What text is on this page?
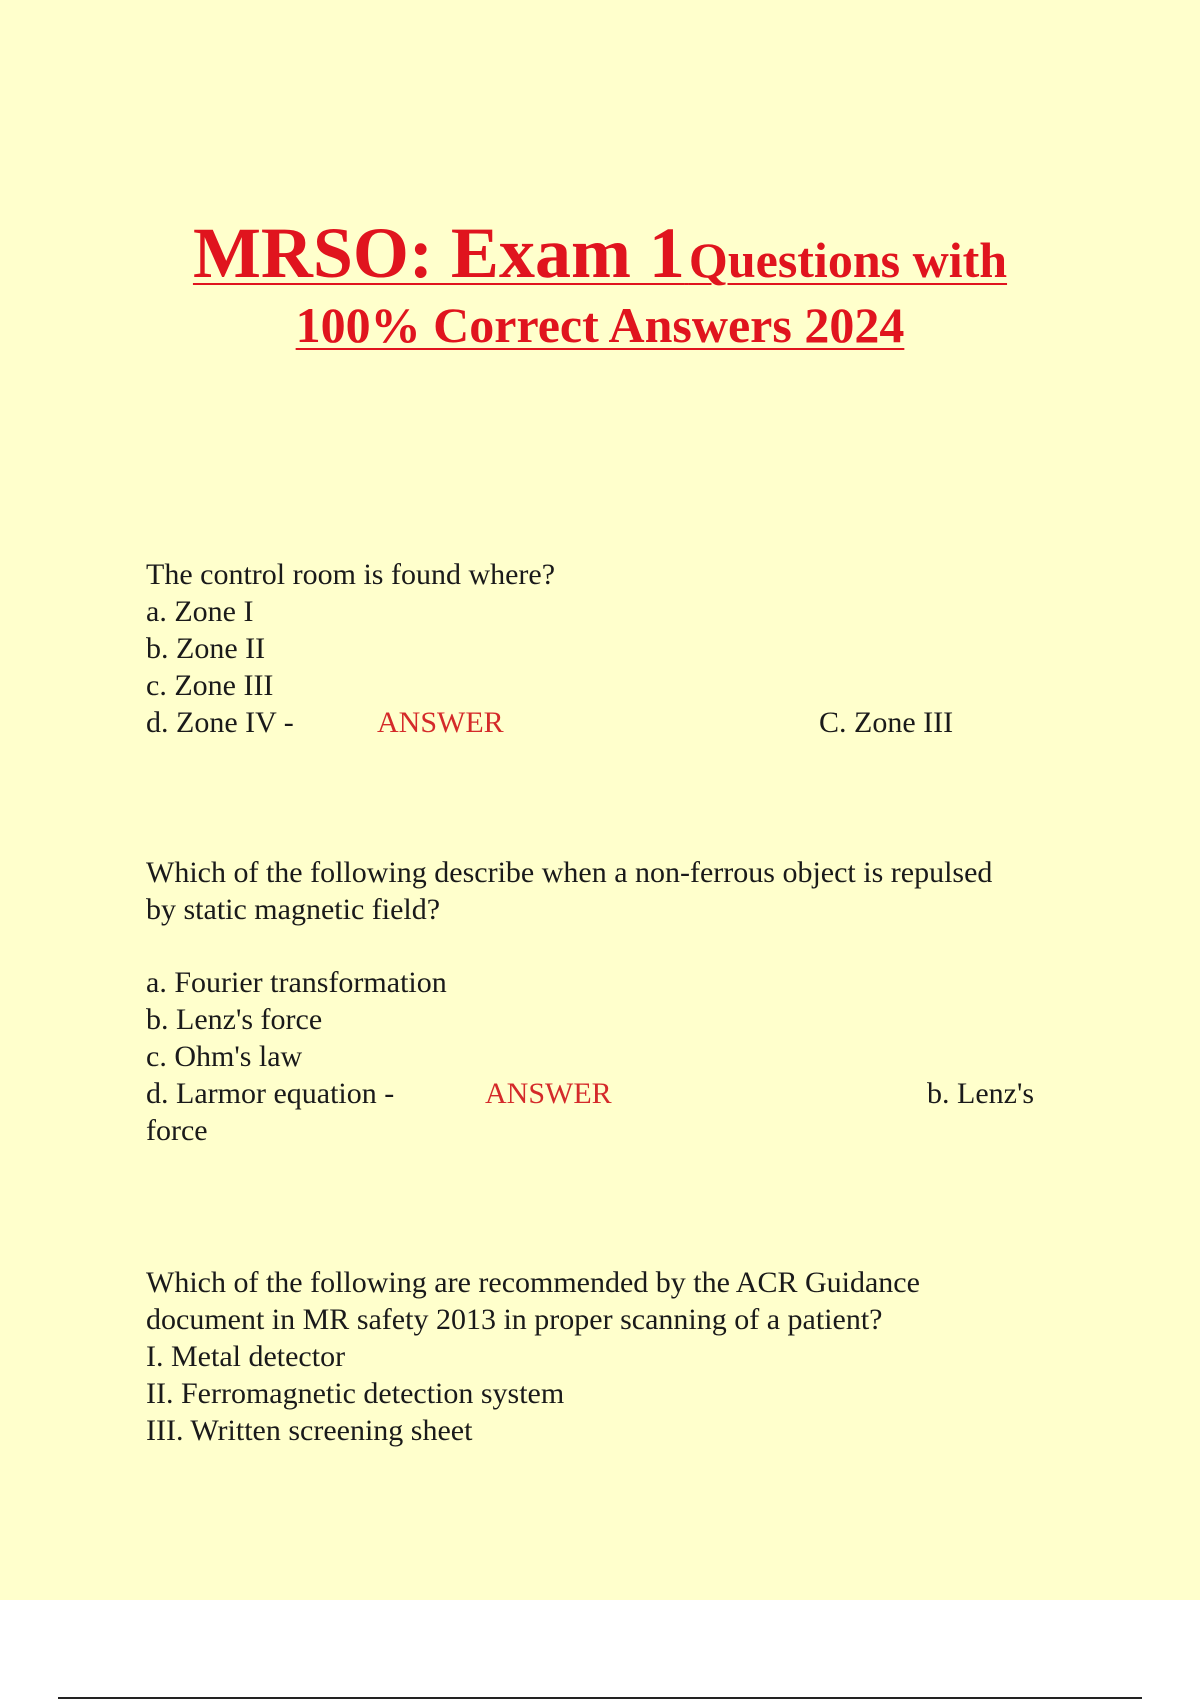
MRSO: Exam 1 Questions with
100% Correct Answers 2024
The control room is found where?
a. Zone I
b. Zone II
c. Zone III
d. Zone IV -	ANSWER	C. Zone III
Which of the following describe when a non-ferrous object is repulsed
by static magnetic field?
a. Fourier transformation
b. Lenz's force
c. Ohm's law
d. Larmor equation -	ANSWER	b. Lenz's
force
Which of the following are recommended by the ACR Guidance
document in MR safety 2013 in proper scanning of a patient?
I. Metal detector
II. Ferromagnetic detection system
III. Written screening sheet
